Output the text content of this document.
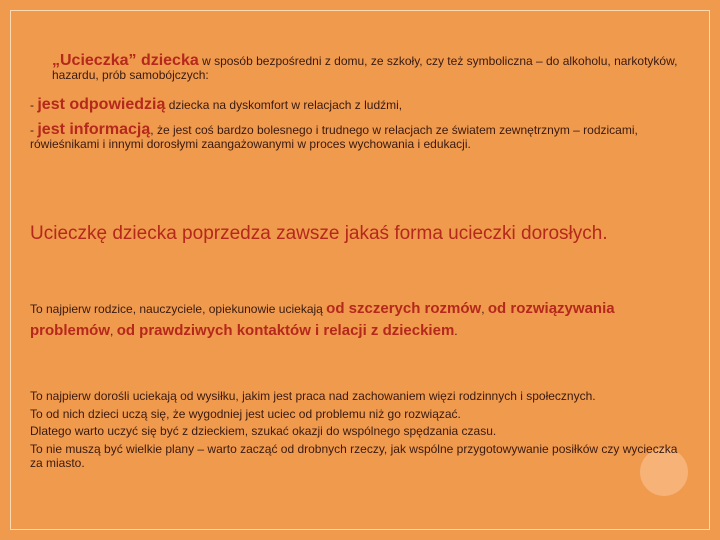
„Ucieczka” dziecka w sposób bezpośredni z domu, ze szkoły, czy też symboliczna – do alkoholu, narkotyków, hazardu, prób samobójczych:
- jest odpowiedzią dziecka na dyskomfort w relacjach z ludźmi,
- jest informacją, że jest coś bardzo bolesnego i trudnego w relacjach ze światem zewnętrznym – rodzicami, rówieśnikami i innymi dorosłymi zaangażowanymi w proces wychowania i edukacji.
Ucieczkę dziecka poprzedza zawsze jakaś forma ucieczki dorosłych.
To najpierw rodzice, nauczyciele, opiekunowie uciekają od szczerych rozmów, od rozwiązywania problemów, od prawdziwych kontaktów i relacji z dzieckiem.
To najpierw dorośli uciekają od wysiłku, jakim jest praca nad zachowaniem więzi rodzinnych i społecznych.
To od nich dzieci uczą się, że wygodniej jest uciec od problemu niż go rozwiązać.
Dlatego warto uczyć się być z dzieckiem, szukać okazji do wspólnego spędzania czasu.
To nie muszą być wielkie plany – warto zacząć od drobnych rzeczy, jak wspólne przygotowywanie posiłków czy wycieczka za miasto.
